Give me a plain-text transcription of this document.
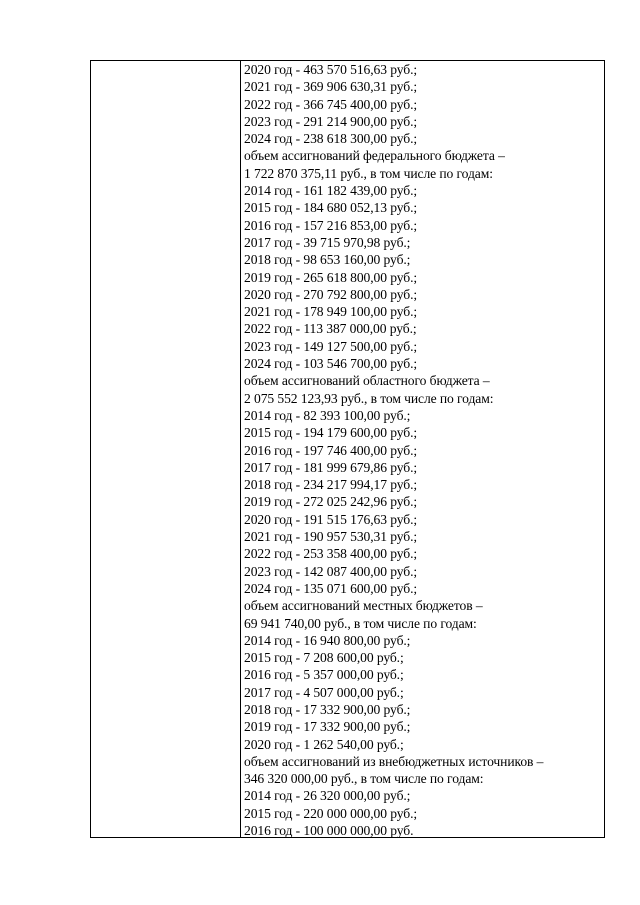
2020 год - 463 570 516,63 руб.;
2021 год - 369 906 630,31 руб.;
2022 год - 366 745 400,00 руб.;
2023 год - 291 214 900,00 руб.;
2024 год - 238 618 300,00 руб.;
объем ассигнований федерального бюджета –
1 722 870 375,11 руб., в том числе по годам:
2014 год - 161 182 439,00 руб.;
2015 год - 184 680 052,13 руб.;
2016 год - 157 216 853,00 руб.;
2017 год - 39 715 970,98 руб.;
2018 год - 98 653 160,00 руб.;
2019 год - 265 618 800,00 руб.;
2020 год - 270 792 800,00 руб.;
2021 год - 178 949 100,00 руб.;
2022 год - 113 387 000,00 руб.;
2023 год - 149 127 500,00 руб.;
2024 год - 103 546 700,00 руб.;
объем ассигнований областного бюджета –
2 075 552 123,93 руб., в том числе по годам:
2014 год - 82 393 100,00 руб.;
2015 год - 194 179 600,00 руб.;
2016 год - 197 746 400,00 руб.;
2017 год - 181 999 679,86 руб.;
2018 год - 234 217 994,17 руб.;
2019 год - 272 025 242,96 руб.;
2020 год - 191 515 176,63 руб.;
2021 год - 190 957 530,31 руб.;
2022 год - 253 358 400,00 руб.;
2023 год - 142 087 400,00 руб.;
2024 год - 135 071 600,00 руб.;
объем ассигнований местных бюджетов –
69 941 740,00 руб., в том числе по годам:
2014 год - 16 940 800,00 руб.;
2015 год - 7 208 600,00 руб.;
2016 год - 5 357 000,00 руб.;
2017 год - 4 507 000,00 руб.;
2018 год - 17 332 900,00 руб.;
2019 год - 17 332 900,00 руб.;
2020 год - 1 262 540,00 руб.;
объем ассигнований из внебюджетных источников –
346 320 000,00 руб., в том числе по годам:
2014 год - 26 320 000,00 руб.;
2015 год - 220 000 000,00 руб.;
2016 год - 100 000 000,00 руб.
